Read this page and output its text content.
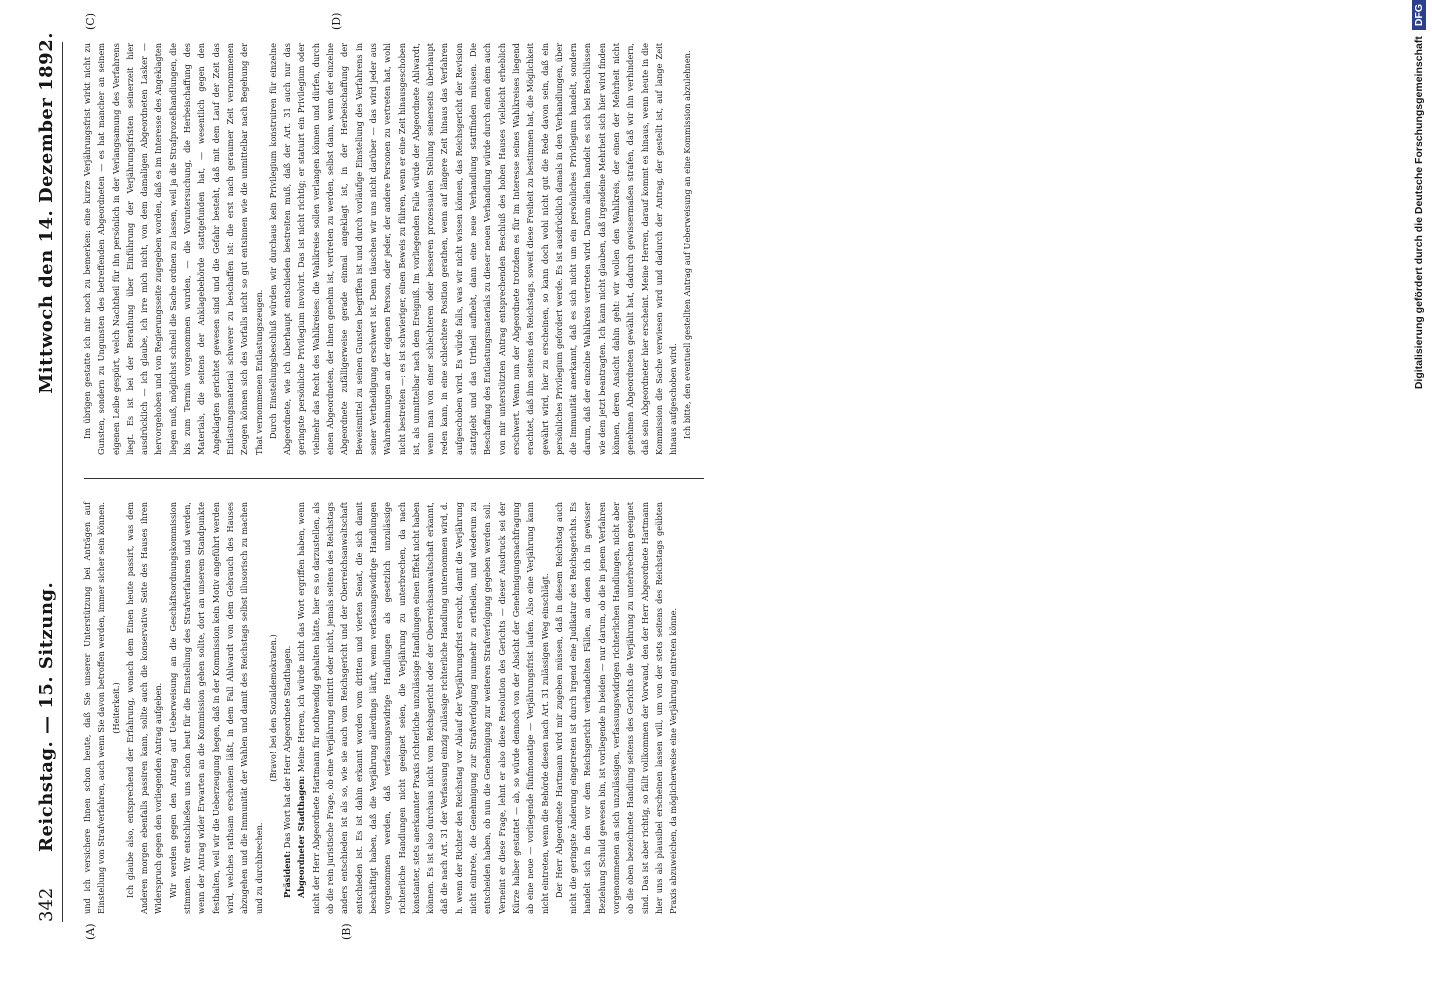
342
Reichstag. — 15. Sitzung.
Mittwoch den 14. Dezember 1892.
(A)	(B)
(C)	(D)

und ich versichere Ihnen schon heute, daß Sie unserer Unterstützung bei Anträgen auf Einstellung von Strafverfahren, auch wenn Sie davon betroffen werden, immer sicher sein können. (Heiterkeit.) Ich glaube also, entsprechend der Erfahrung, wonach dem Einen heute passirt, was dem Anderen morgen ebenfalls passiren kann, sollte auch die konservative Seite des Hauses ihren Widerspruch gegen den vorliegenden Antrag aufgeben. Wir werden gegen den Antrag auf Ueberweisung an die Geschäftsordnungskommission stimmen. Wir entschließen uns schon heut für die Einstellung des Strafverfahrens und werden, wenn der Antrag wider Erwarten an die Kommission gehen sollte, dort an unserem Standpunkte festhalten, weil wir die Ueberzeugung hegen, daß in der Kommission kein Motiv angeführt werden wird, welches rathsam erscheinen läßt, in dem Fall Ahlwardt von dem Gebrauch des Hauses abzugehen und die Immunität der Wahlen und damit des Reichstags selbst illusorisch zu machen und zu durchbrechen.

(Bravo! bei den Sozialdemokraten.)

Präsident: Das Wort hat der Herr Abgeordnete Stadthagen. Abgeordneter Stadthagen: Meine Herren, ich würde nicht das Wort ergriffen haben, wenn nicht der Herr Abgeordnete Hartmann für nothwendig gehalten hätte, hier es so darzustellen, als ob die rein juristische Frage, ob eine Verjährung eintritt oder nicht, jemals seitens des Reichstags anders entschieden ist als so, wie sie auch vom Reichsgericht und der Oberreichsanwaltschaft entschieden ist. Es ist dahin erkannt worden vom dritten und vierten Senat, die sich damit beschäftigt haben, daß die Verjährung allerdings läuft, wenn verfassungswidrige Handlungen vorgenommen werden, daß verfassungswidrige Handlungen als gesetzlich unzulässige richterliche Handlungen nicht geeignet seien, die Verjährung zu unterbrechen, da nach konstanter, stets anerkannter Praxis richterliche unzulässige Handlungen einen Effekt nicht haben können. Es ist also durchaus nicht vom Reichsgericht oder der Oberreichsanwaltschaft erkannt, daß die nach Art. 31 der Verfassung einzig zulässige richterliche Handlung unternommen wird, d. h. wenn der Richter den Reichstag vor Ablauf der Verjährungsfrist ersucht, damit die Verjährung nicht eintrete, die Genehmigung zur Strafverfolgung nunmehr zu ertheilen, und wiederum zu entscheiden haben, ob nun die Genehmigung zur weiteren Strafverfolgung gegeben werden soll. Verneint er diese Frage, lehnt er also diese Resolution des Gerichts — dieser Ausdruck sei der Kürze halber gestattet — ab, so würde dennoch von der Absicht der Genehmigungsnachfragung ab eine neue — vorliegende fünfmonatige — Verjährungsfrist laufen. Also eine Verjährung kann nicht eintreten, wenn die Behörde diesen nach Art. 31 zulässigen Weg einschlägt. Der Herr Abgeordnete Hartmann wird mir zugeben müssen, daß in diesem Reichstag auch nicht die geringste Änderung eingetreten ist durch irgend eine Judikatur des Reichsgerichts. Es handelt sich in den vor dem Reichsgericht verhandelten Fällen, an denen ich in gewisser Beziehung Schuld gewesen bin, ist vorliegende in beiden — nur darum, ob die in jenem Verfahren vorgenommenen an sich unzulässigen, verfassungswidrigen richterlichen Handlungen, nicht aber ob die oben bezeichnete Handlung seitens des Gerichts die Verjährung zu unterbrechen geeignet sind. Das ist aber richtig, so fällt vollkommen der Vorwand, den der Herr Abgeordnete Hartmann hier uns als plausibel erscheinen lassen will, um von der stets seitens des Reichstags geübten Praxis abzuweichen, da möglicherweise eine Verjährung eintreten könne.

Im übrigen gestatte ich mir noch zu bemerken: eine kurze Verjährungsfrist wirkt nicht zu Gunsten, sondern zu Ungunsten des betreffenden Abgeordneten — es hat mancher an seinem eigenen Leibe gespürt, welch Nachtheil für ihn persönlich in der Verlangsamung des Verfahrens liegt. Es ist bei der Berathung über Einführung der Verjährungsfristen seinerzeit hier ausdrücklich — ich glaube, ich irre mich nicht, von dem damaligen Abgeordneten Lasker — hervorgehoben und von Regierungsseite zugegeben worden, daß es im Interesse des Angeklagten liegen muß, möglichst schnell die Sache ordnen zu lassen, weil ja die Strafprozeßhandlungen, die bis zum Termin vorgenommen wurden, — die Voruntersuchung, die Herbeischaffung des Materials, die seitens der Anklagebehörde stattgefunden hat, — wesentlich gegen den Angeklagten gerichtet gewesen sind und die Gefahr besteht, daß mit dem Lauf der Zeit das Entlastungsmaterial schwerer zu beschaffen ist: die erst nach geraumer Zeit vernommenen Zeugen können sich des Vorfalls nicht so gut entsinnen wie die unmittelbar nach Begehung der That vernommenen Entlastungszeugen. Durch Einstellungsbeschluß würden wir durchaus kein Privilegium konstruiren für einzelne Abgeordnete, wie ich überhaupt entschieden bestreiten muß, daß der Art. 31 auch nur das geringste persönliche Privilegium involvirt. Das ist nicht richtig; er statuirt ein Privilegium oder vielmehr das Recht des Wahlkreises: die Wahlkreise sollen verlangen können und dürfen, durch einen Abgeordneten, der ihnen genehm ist, vertreten zu werden, selbst dann, wenn der einzelne Abgeordnete zufälligerweise gerade einmal angeklagt ist, in der Herbeischaffung der Beweismittel zu seinen Gunsten begriffen ist und durch vorläufige Einstellung des Verfahrens in seiner Vertheidigung erschwert ist. Denn täuschen wir uns nicht darüber — das wird jeder aus Wahrnehmungen an der eigenen Person, oder jeder, der andere Personen zu vertreten hat, wohl nicht bestreiten —: es ist schwieriger, einen Beweis zu führen, wenn er eine Zeit hinausgeschoben ist, als unmittelbar nach dem Ereigniß. Im vorliegenden Falle würde der Abgeordnete Ahlwardt, wenn man von einer schlechteren oder besseren prozessualen Stellung seinerseits überhaupt reden kann, in eine schlechtere Position gerathen, wenn auf längere Zeit hinaus das Verfahren aufgeschoben wird. Es würde falls, was wir nicht wissen können, das Reichsgericht der Revision stattgiebt und das Urtheil aufhebt, dann eine neue Verhandlung stattfinden müssen. Die Beschaffung des Entlastungsmaterials zu dieser neuen Verhandlung würde durch einen dem auch von mir unterstützten Antrag entsprechenden Beschluß des hohen Hauses vielleicht erheblich erschwert. Wenn nun der Abgeordnete trotzdem es für im Interesse seines Wahlkreises liegend erachtet, daß ihm seitens des Reichstags, soweit diese Freiheit zu bestimmen hat, die Möglichkeit gewährt wird, hier zu erscheinen, so kann doch wohl nicht gut die Rede davon sein, daß ein persönliches Privilegium gefordert werde. Es ist ausdrücklich damals in den Verhandlungen, über die Immunität anerkannt, daß es sich nicht um ein persönliches Privilegium handelt, sondern darum, daß der einzelne Wahlkreis vertreten wird. Darum allein handelt es sich bei Beschlüssen wie dem jetzt beantragten. Ich kann nicht glauben, daß irgendeine Mehrheit sich hier wird finden können, deren Ansicht dahin geht: wir wollen den Wahlkreis, der einen der Mehrheit nicht genehmen Abgeordneten gewählt hat, dadurch gewissermaßen strafen, daß wir ihn verhindern, daß sein Abgeordneter hier erscheint. Meine Herren, darauf kommt es hinaus, wenn heute in die Kommission die Sache verwiesen wird und dadurch der Antrag, der gestellt ist, auf lange Zeit hinaus aufgeschoben wird. Ich bitte, den eventuell gestellten Antrag auf Ueberweisung an eine Kommission abzulehnen.	Digitalisierung gefördert durch die Deutsche ForschungsgemeinschaftDFG
